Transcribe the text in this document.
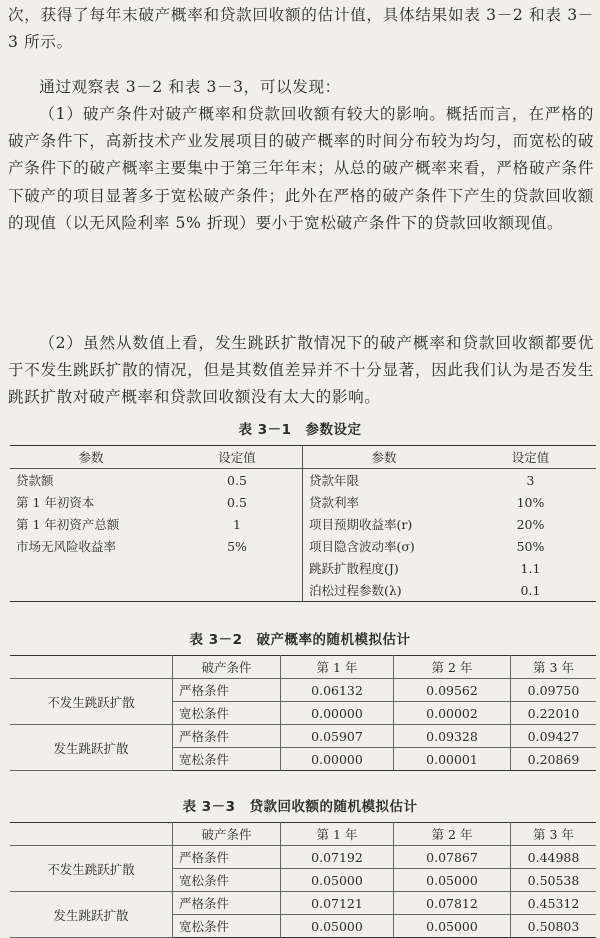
次，获得了每年末破产概率和贷款回收额的估计值，具体结果如表 3－2 和表 3－3 所示。

通过观察表 3－2 和表 3－3，可以发现：

（1）破产条件对破产概率和贷款回收额有较大的影响。概括而言，在严格的破产条件下，高新技术产业发展项目的破产概率的时间分布较为均匀，而宽松的破产条件下的破产概率主要集中于第三年年末；从总的破产概率来看，严格破产条件下破产的项目显著多于宽松破产条件；此外在严格的破产条件下产生的贷款回收额的现值（以无风险利率 5% 折现）要小于宽松破产条件下的贷款回收额现值。

（2）虽然从数值上看，发生跳跃扩散情况下的破产概率和贷款回收额都要优于不发生跳跃扩散的情况，但是其数值差异并不十分显著，因此我们认为是否发生跳跃扩散对破产概率和贷款回收额没有太大的影响。

表 3－1　参数设定
参数	设定值	参数	设定值
贷款额	0.5	贷款年限	3
第 1 年初资本	0.5	贷款利率	10%
第 1 年初资产总额	1	项目预期收益率(r)	20%
市场无风险收益率	5%	项目隐含波动率(σ)	50%
		跳跃扩散程度(J)	1.1
		泊松过程参数(λ)	0.1
表 3－2　破产概率的随机模拟估计
	破产条件	第 1 年	第 2 年	第 3 年
不发生跳跃扩散	严格条件	0.06132	0.09562	0.09750
	宽松条件	0.00000	0.00002	0.22010
发生跳跃扩散	严格条件	0.05907	0.09328	0.09427
	宽松条件	0.00000	0.00001	0.20869
表 3－3　贷款回收额的随机模拟估计
	破产条件	第 1 年	第 2 年	第 3 年
不发生跳跃扩散	严格条件	0.07192	0.07867	0.44988
	宽松条件	0.05000	0.05000	0.50538
发生跳跃扩散	严格条件	0.07121	0.07812	0.45312
	宽松条件	0.05000	0.05000	0.50803
